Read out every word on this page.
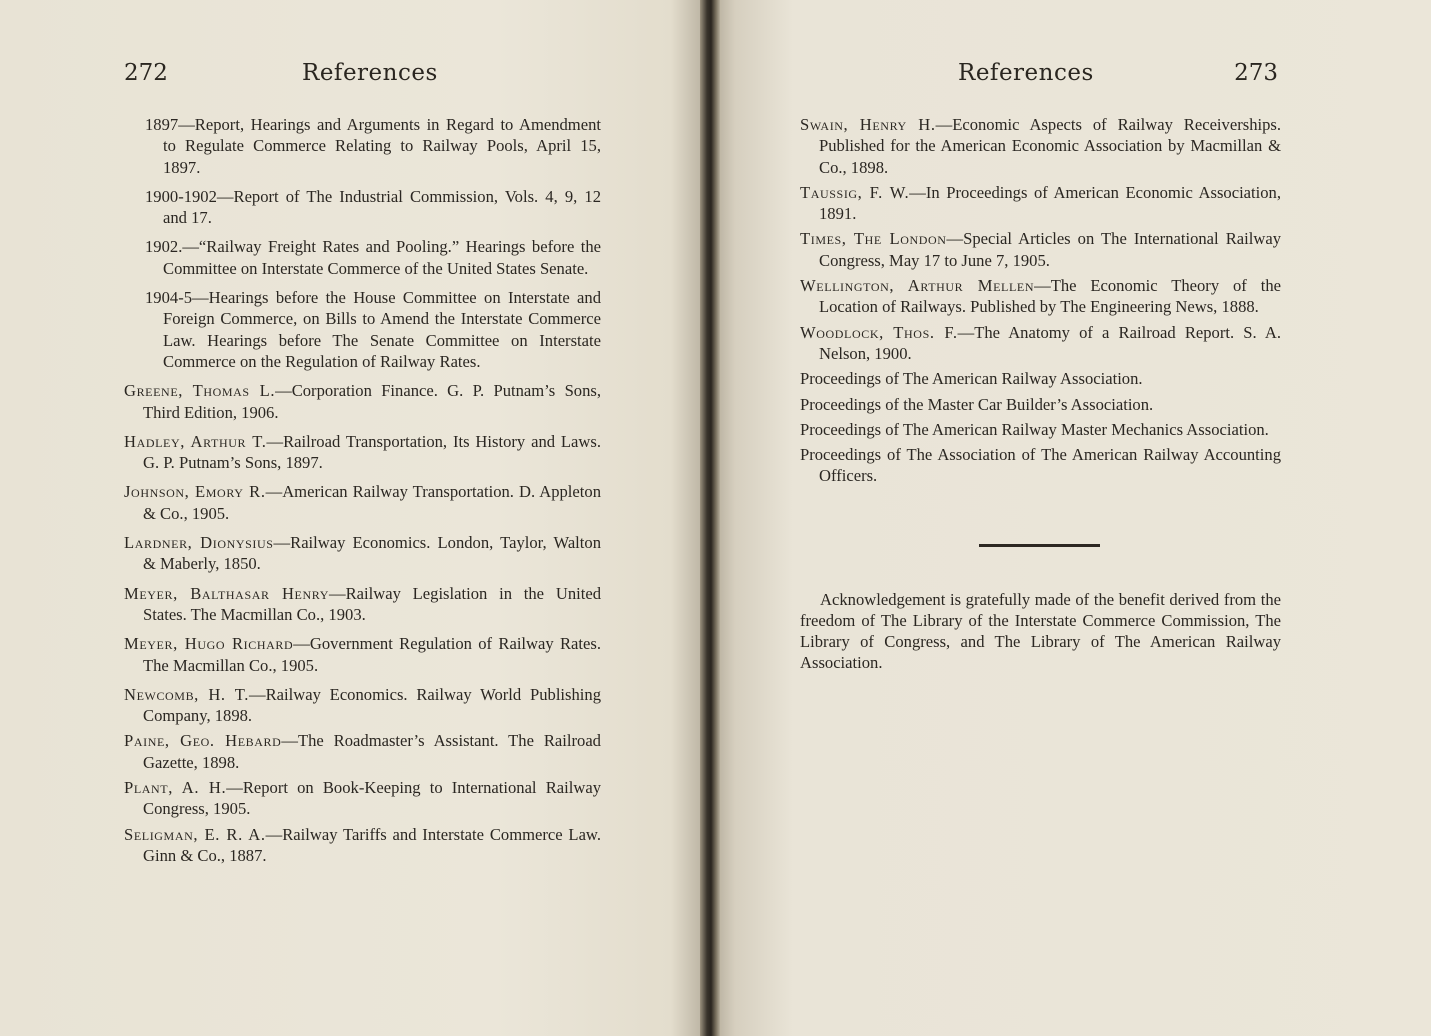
272	References

1897—Report, Hearings and Arguments in Regard to Amendment to Regulate Commerce Relating to Railway Pools, April 15, 1897.

1900-1902—Report of The Industrial Commission, Vols. 4, 9, 12 and 17.

1902.—“Railway Freight Rates and Pooling.” Hearings before the Committee on Interstate Commerce of the United States Senate.

1904-5—Hearings before the House Committee on Interstate and Foreign Commerce, on Bills to Amend the Interstate Commerce Law. Hearings before The Senate Committee on Interstate Commerce on the Regulation of Railway Rates.

Greene, Thomas L.—Corporation Finance. G. P. Putnam’s Sons, Third Edition, 1906.

Hadley, Arthur T.—Railroad Transportation, Its History and Laws. G. P. Putnam’s Sons, 1897.

Johnson, Emory R.—American Railway Transportation. D. Appleton & Co., 1905.

Lardner, Dionysius—Railway Economics. London, Taylor, Walton & Maberly, 1850.

Meyer, Balthasar Henry—Railway Legislation in the United States. The Macmillan Co., 1903.

Meyer, Hugo Richard—Government Regulation of Railway Rates. The Macmillan Co., 1905.

Newcomb, H. T.—Railway Economics. Railway World Publishing Company, 1898.

Paine, Geo. Hebard—The Roadmaster’s Assistant. The Railroad Gazette, 1898.

Plant, A. H.—Report on Book-Keeping to International Railway Congress, 1905.

Seligman, E. R. A.—Railway Tariffs and Interstate Commerce Law. Ginn & Co., 1887.

References	273

Swain, Henry H.—Economic Aspects of Railway Receiverships. Published for the American Economic Association by Macmillan & Co., 1898.

Taussig, F. W.—In Proceedings of American Economic Association, 1891.

Times, The London—Special Articles on The International Railway Congress, May 17 to June 7, 1905.

Wellington, Arthur Mellen—The Economic Theory of the Location of Railways. Published by The Engineering News, 1888.

Woodlock, Thos. F.—The Anatomy of a Railroad Report. S. A. Nelson, 1900.

Proceedings of The American Railway Association.

Proceedings of the Master Car Builder’s Association.

Proceedings of The American Railway Master Mechanics Association.

Proceedings of The Association of The American Railway Accounting Officers.

Acknowledgement is gratefully made of the benefit derived from the freedom of The Library of the Interstate Commerce Commission, The Library of Congress, and The Library of The American Railway Association.
